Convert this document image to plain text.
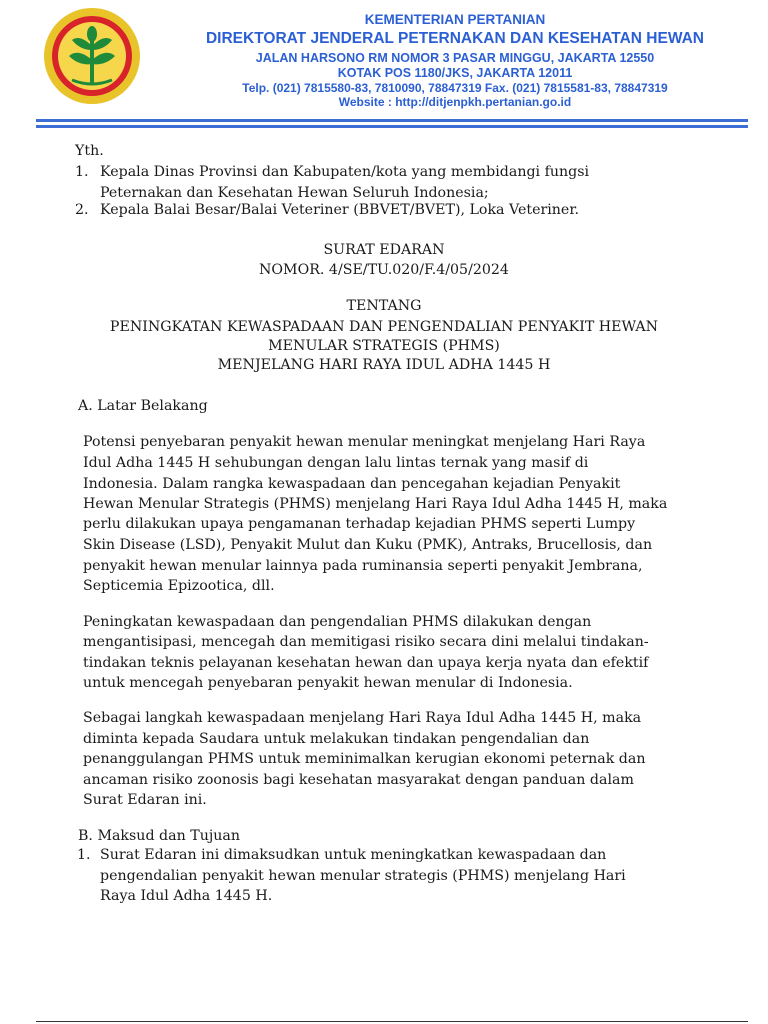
KEMENTERIAN PERTANIAN
DIREKTORAT JENDERAL PETERNAKAN DAN KESEHATAN HEWAN
JALAN HARSONO RM NOMOR 3 PASAR MINGGU, JAKARTA 12550
KOTAK POS 1180/JKS, JAKARTA 12011
Telp. (021) 7815580-83, 7810090, 78847319 Fax. (021) 7815581-83, 78847319
Website : http://ditjenpkh.pertanian.go.id
Yth.
1. Kepala Dinas Provinsi dan Kabupaten/kota yang membidangi fungsi
Peternakan dan Kesehatan Hewan Seluruh Indonesia;
2. Kepala Balai Besar/Balai Veteriner (BBVET/BVET), Loka Veteriner.
SURAT EDARAN
NOMOR. 4/SE/TU.020/F.4/05/2024
TENTANG
PENINGKATAN KEWASPADAAN DAN PENGENDALIAN PENYAKIT HEWAN
MENULAR STRATEGIS (PHMS)
MENJELANG HARI RAYA IDUL ADHA 1445 H
A. Latar Belakang
Potensi penyebaran penyakit hewan menular meningkat menjelang Hari Raya
Idul Adha 1445 H sehubungan dengan lalu lintas ternak yang masif di
Indonesia. Dalam rangka kewaspadaan dan pencegahan kejadian Penyakit
Hewan Menular Strategis (PHMS) menjelang Hari Raya Idul Adha 1445 H, maka
perlu dilakukan upaya pengamanan terhadap kejadian PHMS seperti Lumpy
Skin Disease (LSD), Penyakit Mulut dan Kuku (PMK), Antraks, Brucellosis, dan
penyakit hewan menular lainnya pada ruminansia seperti penyakit Jembrana,
Septicemia Epizootica, dll.
Peningkatan kewaspadaan dan pengendalian PHMS dilakukan dengan
mengantisipasi, mencegah dan memitigasi risiko secara dini melalui tindakan-
tindakan teknis pelayanan kesehatan hewan dan upaya kerja nyata dan efektif
untuk mencegah penyebaran penyakit hewan menular di Indonesia.
Sebagai langkah kewaspadaan menjelang Hari Raya Idul Adha 1445 H, maka
diminta kepada Saudara untuk melakukan tindakan pengendalian dan
penanggulangan PHMS untuk meminimalkan kerugian ekonomi peternak dan
ancaman risiko zoonosis bagi kesehatan masyarakat dengan panduan dalam
Surat Edaran ini.
B. Maksud dan Tujuan
1. Surat Edaran ini dimaksudkan untuk meningkatkan kewaspadaan dan
pengendalian penyakit hewan menular strategis (PHMS) menjelang Hari
Raya Idul Adha 1445 H.
